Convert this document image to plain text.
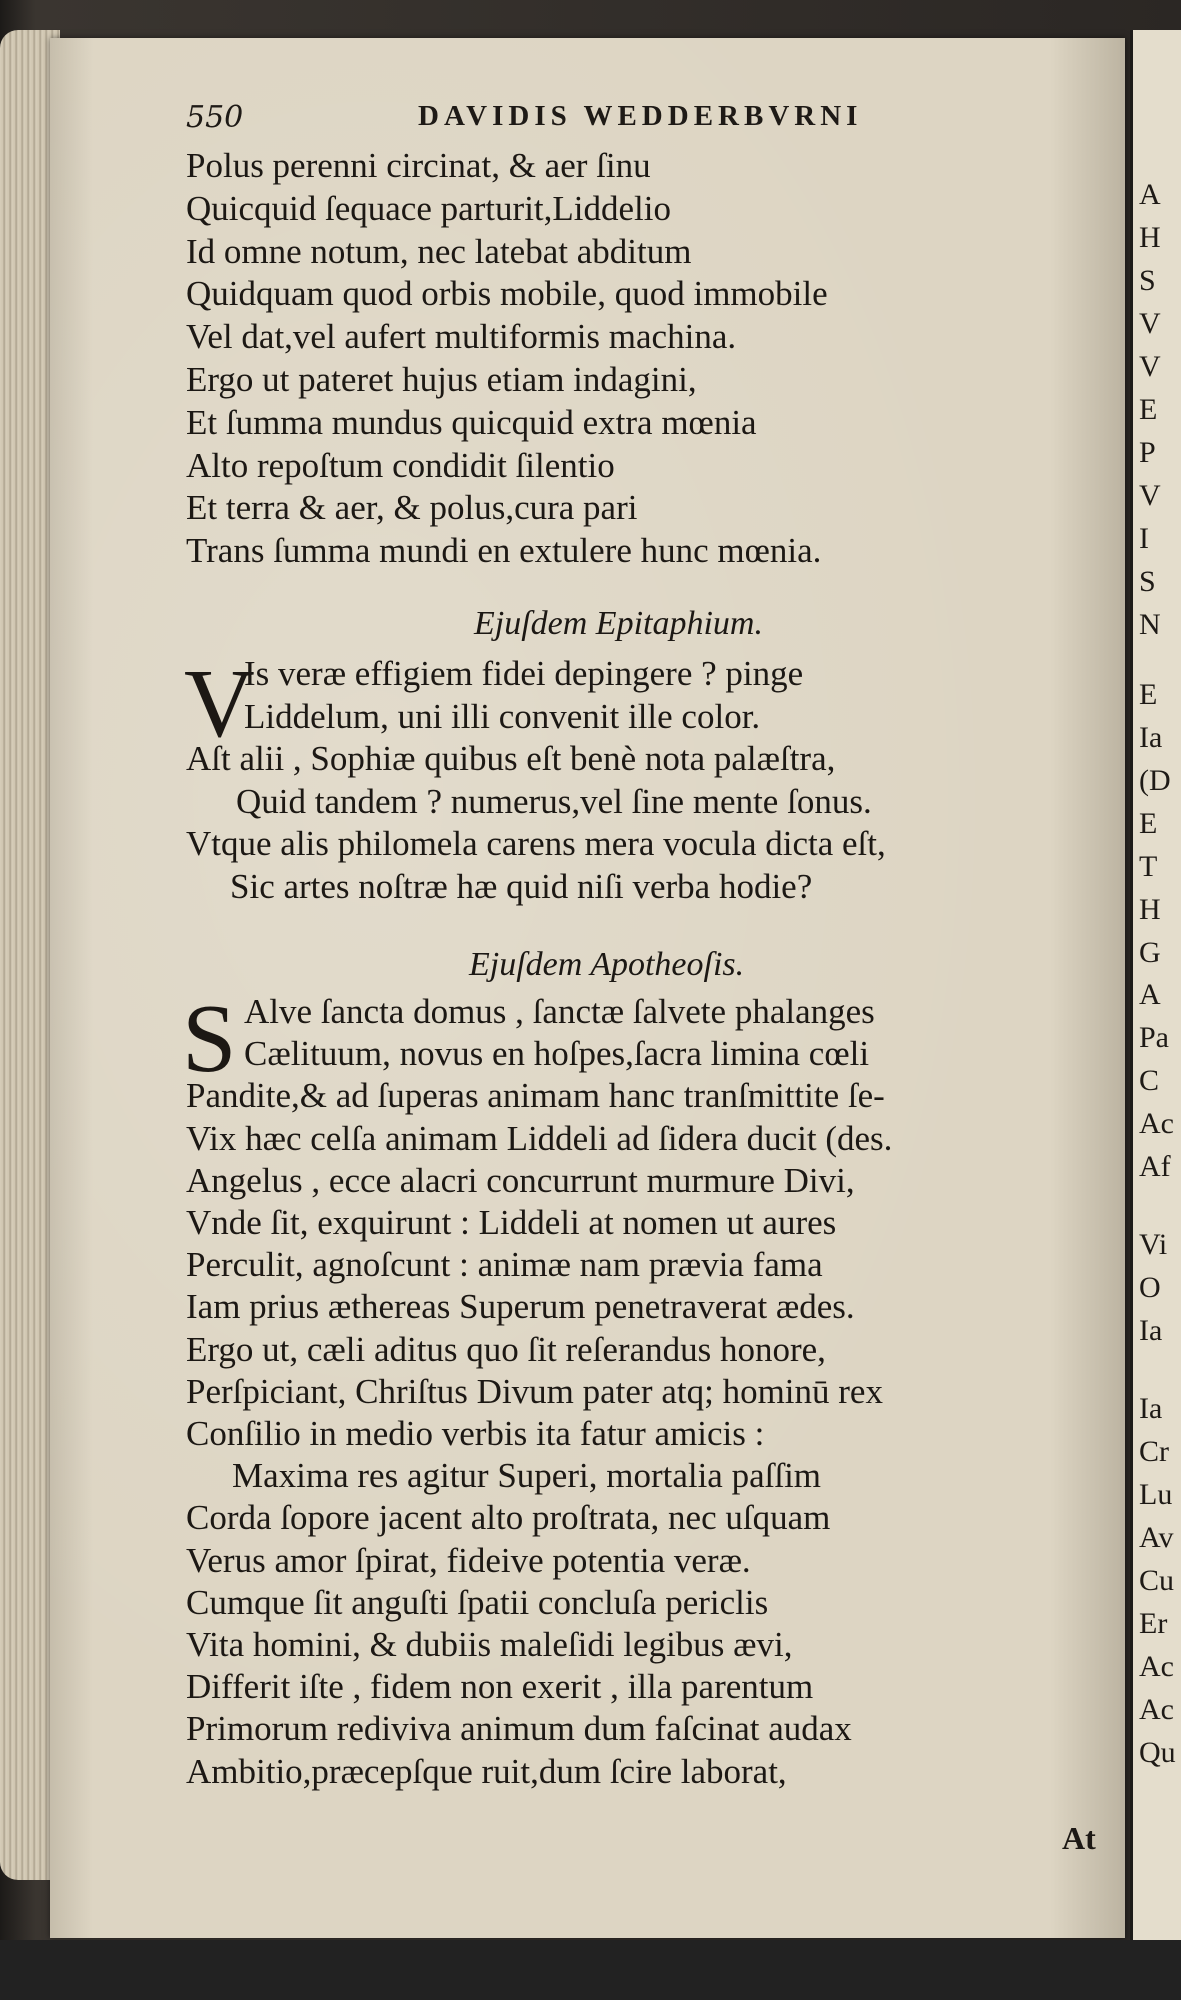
A
H
S
V
V
E
P
V
I
S
N
E
Ia
(D
E
T
H
G
A
Pa
C
Ac
Af
Vi
O
Ia
Ia
Cr
Lu
Av
Cu
Er
Ac
Ac
Qu
550	DAVIDIS WEDDERBVRNI
Polus perenni circinat, & aer ſinu
Quicquid ſequace parturit,Liddelio
Id omne notum, nec latebat abditum
Quidquam quod orbis mobile, quod immobile
Vel dat,vel aufert multiformis machina.
Ergo ut pateret hujus etiam indagini,
Et ſumma mundus quicquid extra mœnia
Alto repoſtum condidit ſilentio
Et terra & aer, & polus,cura pari
Trans ſumma mundi en extulere hunc mœnia.
Ejuſdem Epitaphium.
V
Is veræ effigiem fidei depingere ? pinge
Liddelum, uni illi convenit ille color.
Aſt alii , Sophiæ quibus eſt benè nota palæſtra,
Quid tandem ? numerus,vel ſine mente ſonus.
Vtque alis philomela carens mera vocula dicta eſt,
Sic artes noſtræ hæ quid niſi verba hodie?
Ejuſdem Apotheoſis.
S Alve ſancta domus , ſanctæ ſalvete phalanges
Cælituum, novus en hoſpes,ſacra limina cœli
Pandite,& ad ſuperas animam hanc tranſmittite ſe-
Vix hæc celſa animam Liddeli ad ſidera ducit (des.
Angelus , ecce alacri concurrunt murmure Divi,
Vnde ſit, exquirunt : Liddeli at nomen ut aures
Perculit, agnoſcunt : animæ nam prævia fama
Iam prius æthereas Superum penetraverat ædes.
Ergo ut, cæli aditus quo ſit reſerandus honore,
Perſpiciant, Chriſtus Divum pater atq; hominū rex
Conſilio in medio verbis ita fatur amicis :
Maxima res agitur Superi, mortalia paſſim
Corda ſopore jacent alto proſtrata, nec uſquam
Verus amor ſpirat, fideive potentia veræ.
Cumque ſit anguſti ſpatii concluſa periclis
Vita homini, & dubiis maleſidi legibus ævi,
Differit iſte , fidem non exerit , illa parentum
Primorum rediviva animum dum faſcinat audax
Ambitio,præcepſque ruit,dum ſcire laborat,
At
